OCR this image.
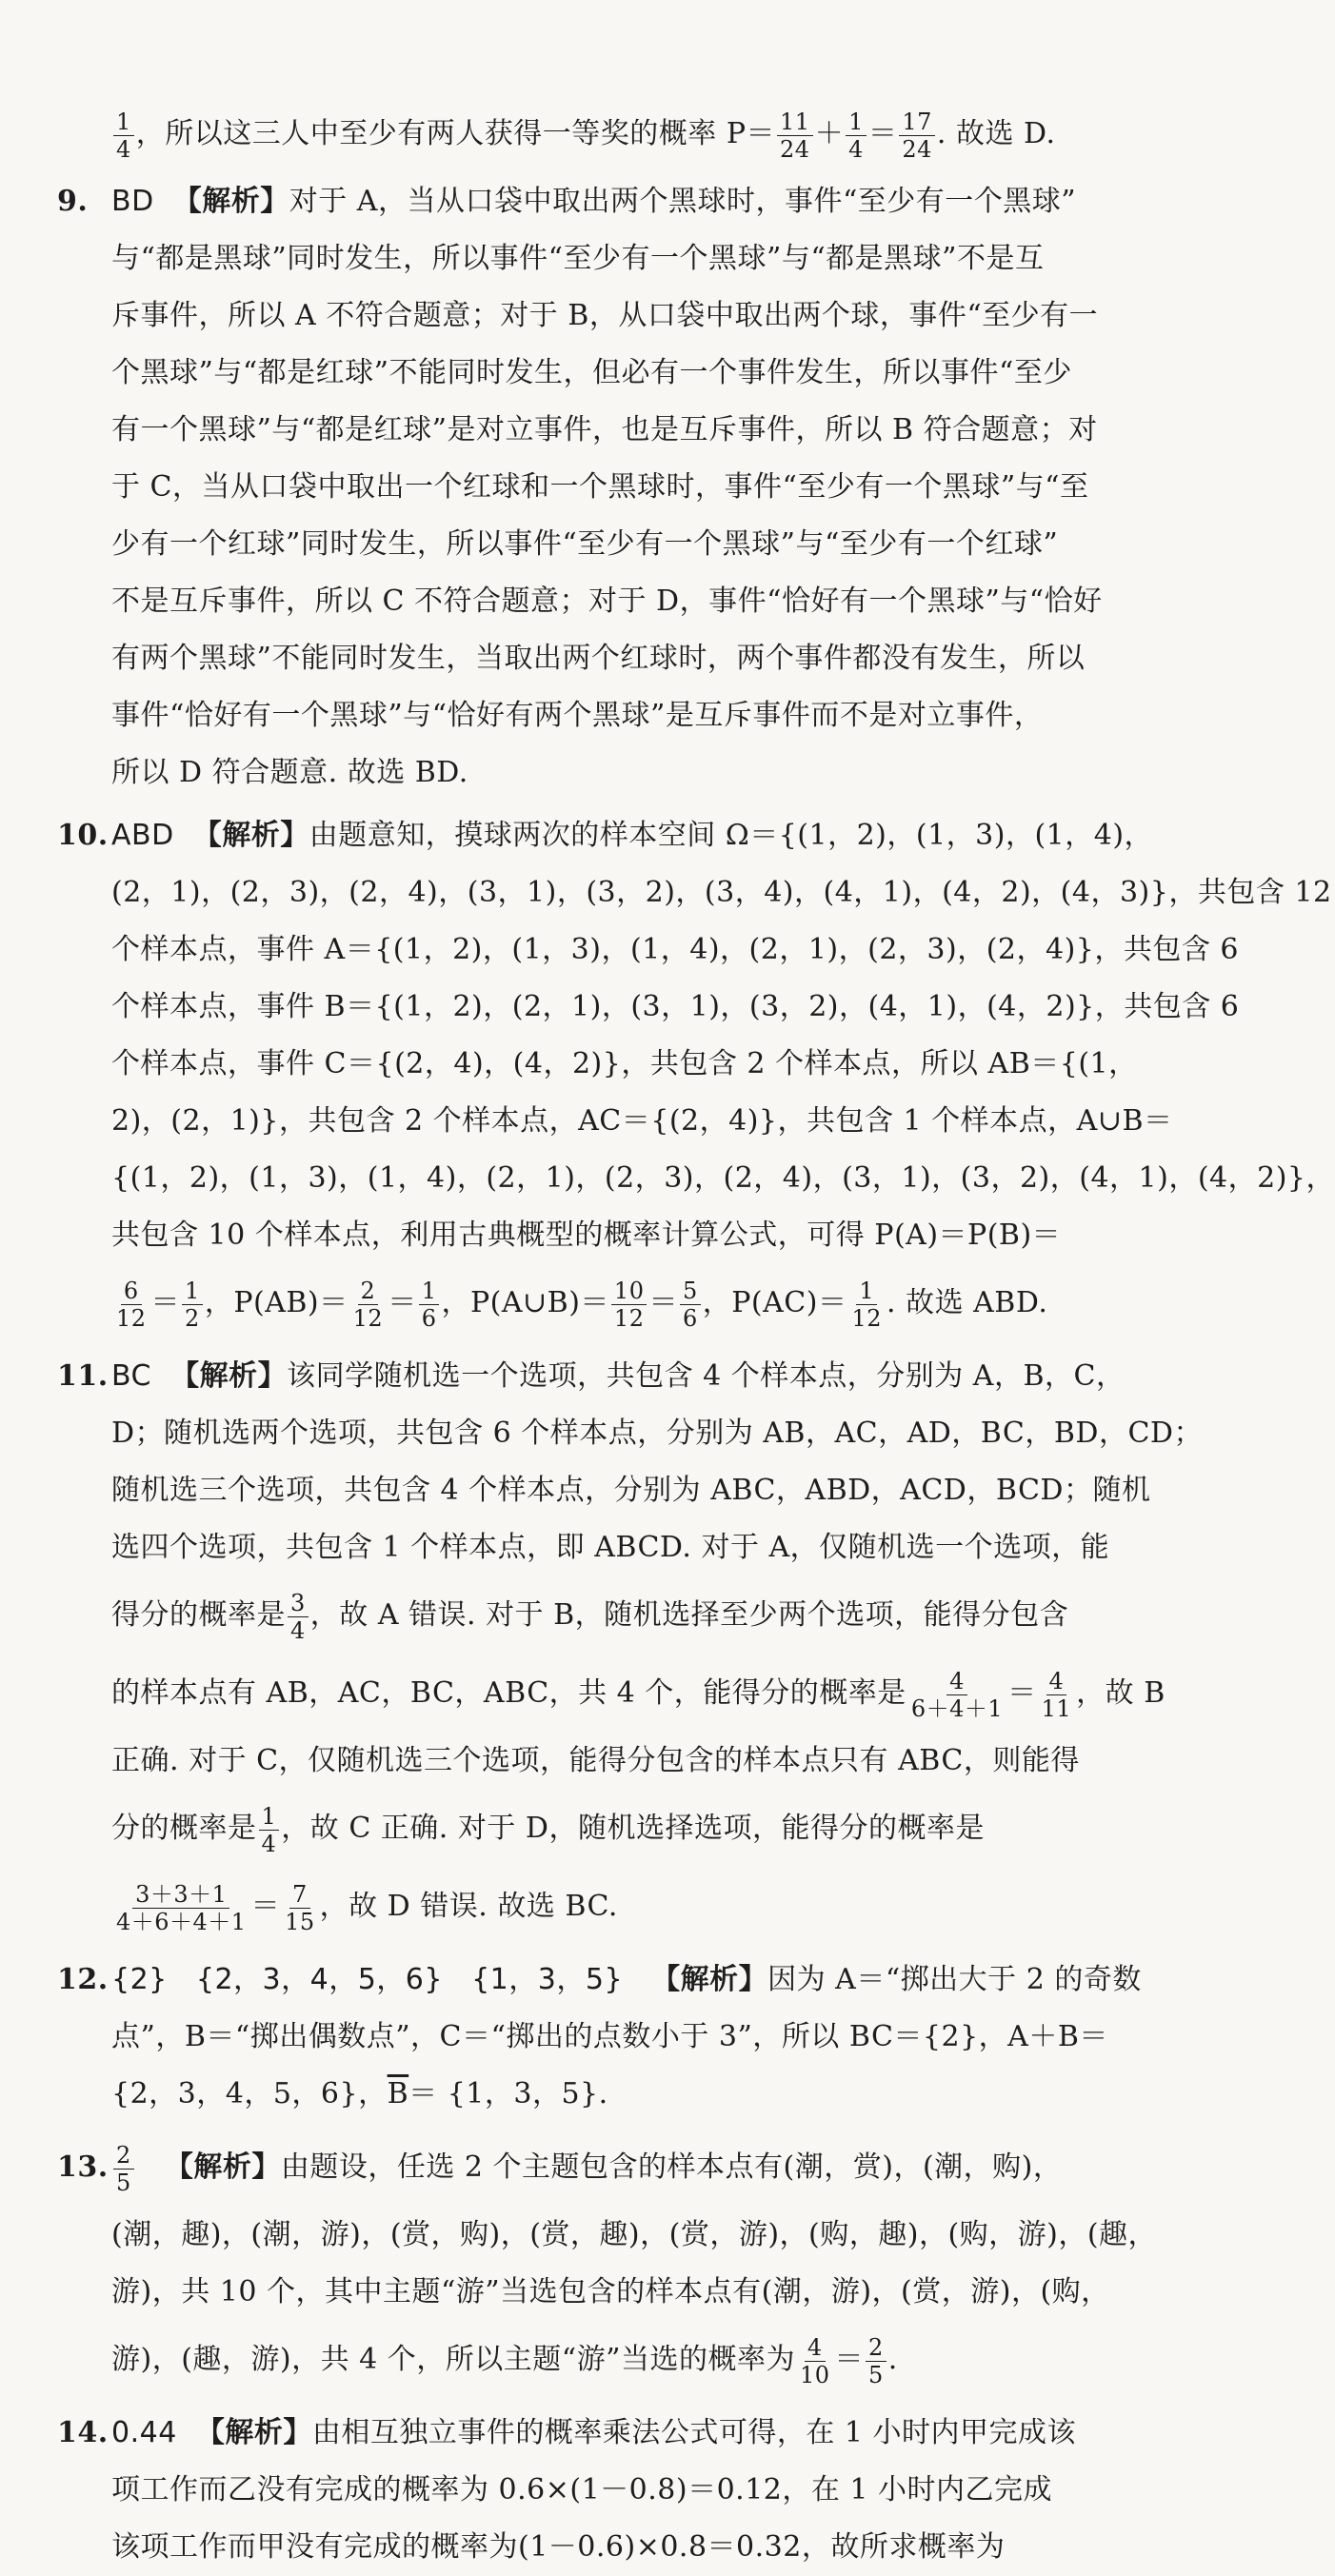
$\frac{1}{4}$ ，所以这三人中至少有两人获得一等奖的概率 $P= \frac{11}{24} + \frac{1}{4} = \frac{17}{24}$ . 故选 D.
9. BD 【解析】对于 A，当从口袋中取出两个黑球时，事件“至少有一个黑球”
与“都是黑球”同时发生，所以事件“至少有一个黑球”与“都是黑球”不是互
斥事件，所以 A 不符合题意；对于 B，从口袋中取出两个球，事件“至少有一
个黑球”与“都是红球”不能同时发生，但必有一个事件发生，所以事件“至少
有一个黑球”与“都是红球”是对立事件，也是互斥事件，所以 B 符合题意；对
于 C，当从口袋中取出一个红球和一个黑球时，事件“至少有一个黑球”与“至
少有一个红球”同时发生，所以事件“至少有一个黑球”与“至少有一个红球”
不是互斥事件，所以 C 不符合题意；对于 D，事件“恰好有一个黑球”与“恰好
有两个黑球”不能同时发生，当取出两个红球时，两个事件都没有发生，所以
事件“恰好有一个黑球”与“恰好有两个黑球”是互斥事件而不是对立事件，
所以 D 符合题意. 故选 BD.
10. ABD 【解析】由题意知，摸球两次的样本空间 Ω＝{(1，2)，(1，3)，(1，4)，
(2，1)，(2，3)，(2，4)，(3，1)，(3，2)，(3，4)，(4，1)，(4，2)，(4，3)}，共包含 12
个样本点，事件 A＝{(1，2)，(1，3)，(1，4)，(2，1)，(2，3)，(2，4)}，共包含 6
个样本点，事件 B＝{(1，2)，(2，1)，(3，1)，(3，2)，(4，1)，(4，2)}，共包含 6
个样本点，事件 C＝{(2，4)，(4，2)}，共包含 2 个样本点，所以 AB＝{(1，
2)，(2，1)}，共包含 2 个样本点，AC＝{(2，4)}，共包含 1 个样本点，A∪B＝
{(1，2)，(1，3)，(1，4)，(2，1)，(2，3)，(2，4)，(3，1)，(3，2)，(4，1)，(4，2)}，
共包含 10 个样本点，利用古典概型的概率计算公式，可得 P(A)＝P(B)＝
$\frac{6}{12} = \frac{1}{2}$ ，$P(AB)= \frac{2}{12} = \frac{1}{6}$ ，P(A∪B)＝ $\frac{10}{12} = \frac{5}{6}$ ，$P(AC)= \frac{1}{12}$ . 故选 ABD.
11. BC 【解析】该同学随机选一个选项，共包含 4 个样本点，分别为 A，B，C，
D；随机选两个选项，共包含 6 个样本点，分别为 AB，AC，AD，BC，BD，CD；
随机选三个选项，共包含 4 个样本点，分别为 ABC，ABD，ACD，BCD；随机
选四个选项，共包含 1 个样本点，即 ABCD. 对于 A，仅随机选一个选项，能
得分的概率是 $\frac{3}{4}$ ，故 A 错误. 对于 B，随机选择至少两个选项，能得分包含
的样本点有 AB，AC，BC，ABC，共 4 个，能得分的概率是 $\frac{4}{6+4+1} = \frac{4}{11}$ ，故 B
正确. 对于 C，仅随机选三个选项，能得分包含的样本点只有 ABC，则能得
分的概率是 $\frac{1}{4}$ ，故 C 正确. 对于 D，随机选择选项，能得分的概率是
$\frac{3+3+1}{4+6+4+1} = \frac{7}{15}$ ，故 D 错误. 故选 BC.
12. {2} {2，3，4，5，6} {1，3，5} 【解析】因为 A＝“掷出大于 2 的奇数
点”，B＝“掷出偶数点”，C＝“掷出的点数小于 3”，所以 BC＝{2}，A＋B＝
{2，3，4，5，6}，$\overline{B}= \{1$，3，5}.
13. $\frac{2}{5}$ 【解析】由题设，任选 2 个主题包含的样本点有(潮，赏)，(潮，购)，
(潮，趣)，(潮，游)，(赏，购)，(赏，趣)，(赏，游)，(购，趣)，(购，游)，(趣，
游)，共 10 个，其中主题“游”当选包含的样本点有(潮，游)，(赏，游)，(购，
游)，(趣，游)，共 4 个，所以主题“游”当选的概率为 $\frac{4}{10} = \frac{2}{5}$ .
14. 0.44 【解析】由相互独立事件的概率乘法公式可得，在 1 小时内甲完成该
项工作而乙没有完成的概率为 0.6×(1－0.8)＝0.12，在 1 小时内乙完成
该项工作而甲没有完成的概率为(1－0.6)×0.8＝0.32，故所求概率为
